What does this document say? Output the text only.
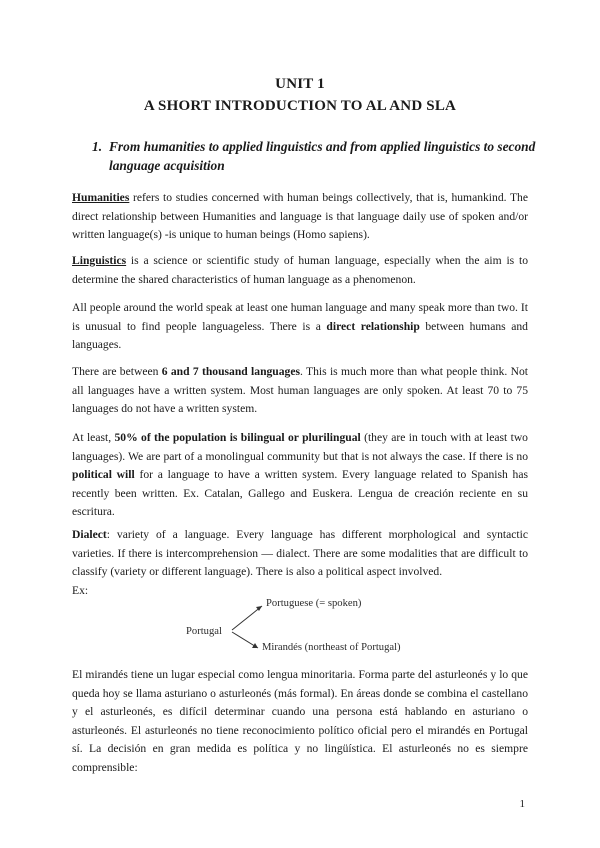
UNIT 1
A SHORT INTRODUCTION TO AL AND SLA
1. From humanities to applied linguistics and from applied linguistics to second language acquisition
Humanities refers to studies concerned with human beings collectively, that is, humankind. The direct relationship between Humanities and language is that language daily use of spoken and/or written language(s) -is unique to human beings (Homo sapiens).
Linguistics is a science or scientific study of human language, especially when the aim is to determine the shared characteristics of human language as a phenomenon.
All people around the world speak at least one human language and many speak more than two. It is unusual to find people languageless. There is a direct relationship between humans and languages.
There are between 6 and 7 thousand languages. This is much more than what people think. Not all languages have a written system. Most human languages are only spoken. At least 70 to 75 languages do not have a written system.
At least, 50% of the population is bilingual or plurilingual (they are in touch with at least two languages). We are part of a monolingual community but that is not always the case. If there is no political will for a language to have a written system. Every language related to Spanish has recently been written. Ex. Catalan, Gallego and Euskera. Lengua de creación reciente en su escritura.
Dialect: variety of a language. Every language has different morphological and syntactic varieties. If there is intercomprehension — dialect. There are some modalities that are difficult to classify (variety or different language). There is also a political aspect involved.
Ex:
Portugal
Portuguese (= spoken)
Mirandés (northeast of Portugal)
El mirandés tiene un lugar especial como lengua minoritaria. Forma parte del asturleonés y lo que queda hoy se llama asturiano o asturleonés (más formal). En áreas donde se combina el castellano y el asturleonés, es difícil determinar cuando una persona está hablando en asturiano o asturleonés. El asturleonés no tiene reconocimiento político oficial pero el mirandés en Portugal sí. La decisión en gran medida es política y no lingüística. El asturleonés no es siempre comprensible:
1
